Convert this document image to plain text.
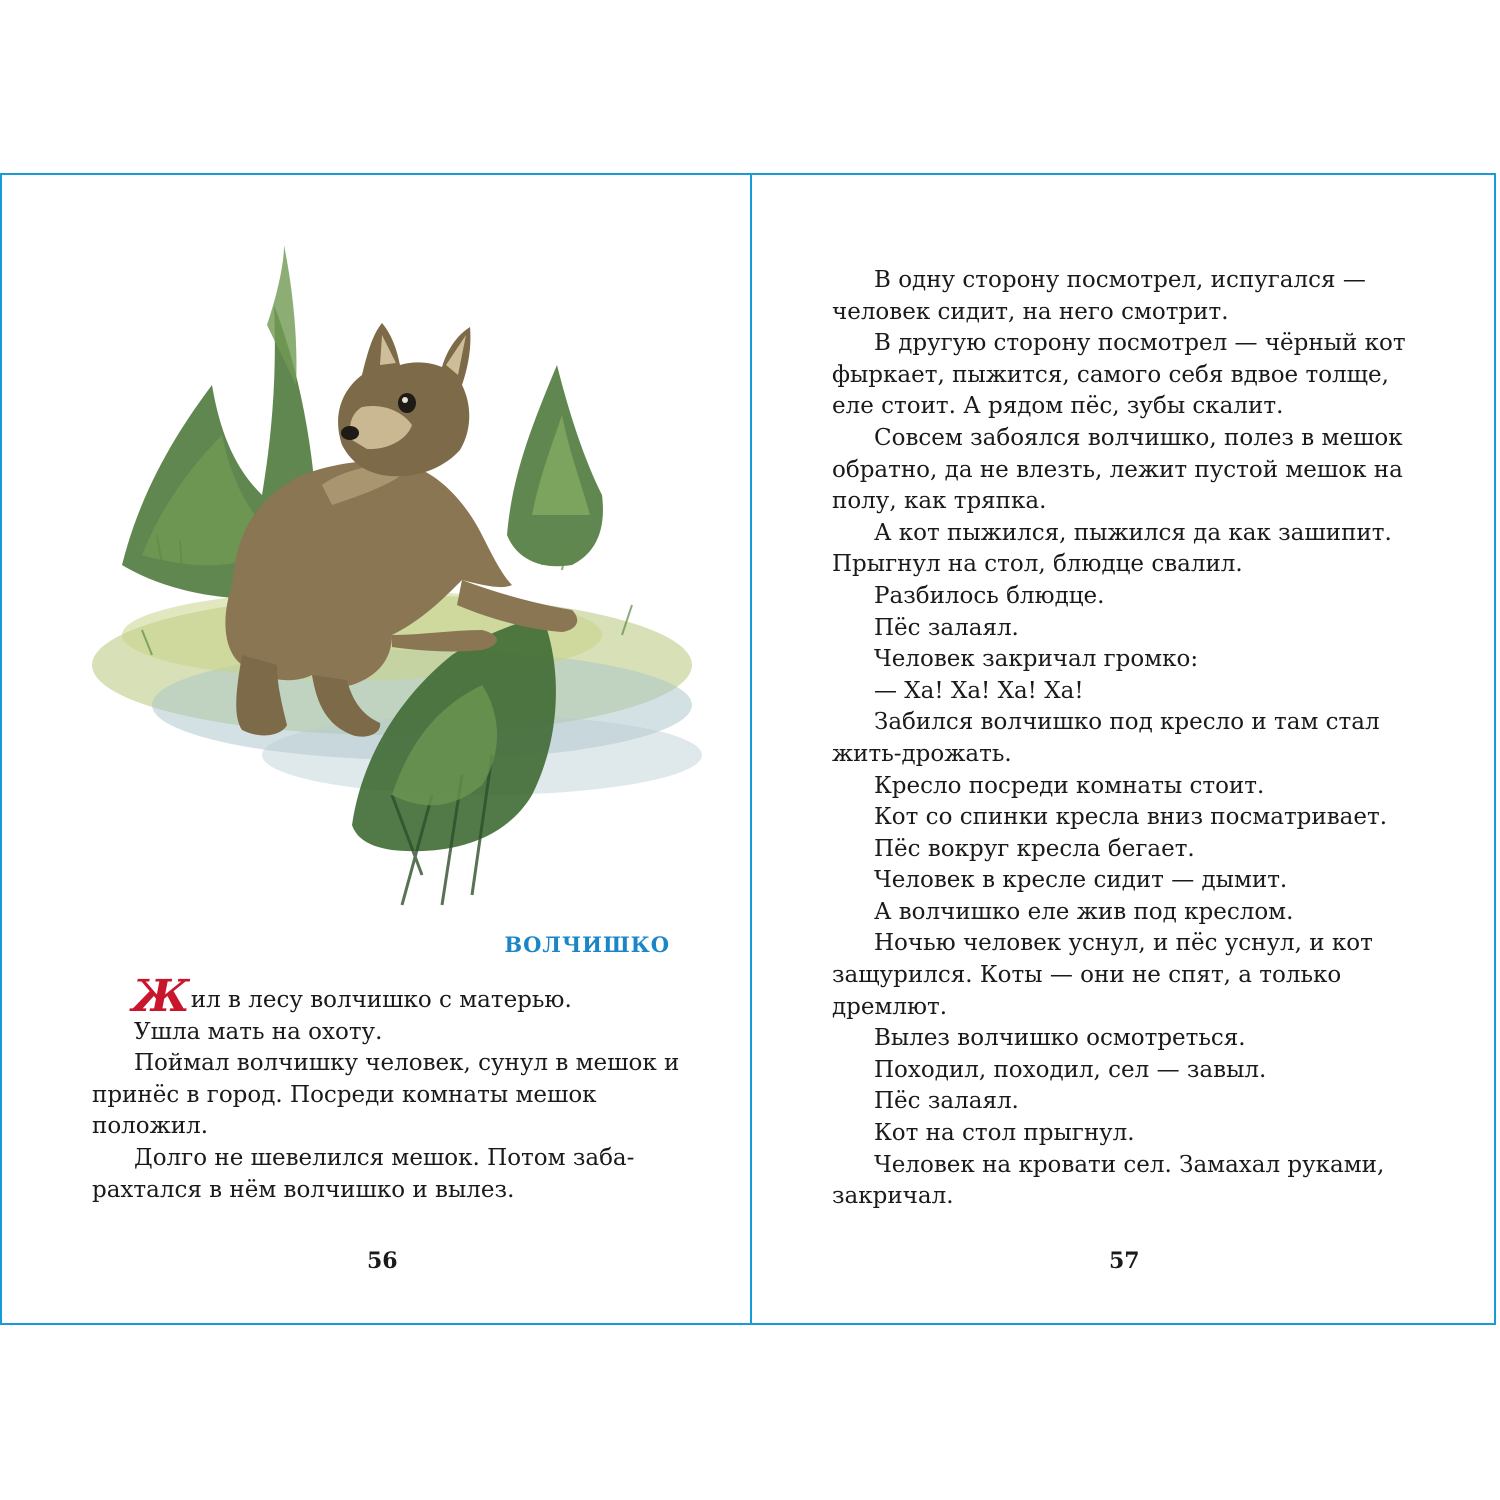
ВОЛЧИШКО

Жил в лесу волчишко с матерью.

Ушла мать на охоту.

Поймал волчишку человек, сунул в мешок и принёс в город. Посреди комнаты мешок положил.

Долго не шевелился мешок. Потом заба-рахтался в нём волчишко и вылез.

56

В одну сторону посмотрел, испугался — человек сидит, на него смотрит.

В другую сторону посмотрел — чёрный кот фыркает, пыжится, самого себя вдвое толще, еле стоит. А рядом пёс, зубы скалит.

Совсем забоялся волчишко, полез в мешок обратно, да не влезть, лежит пустой мешок на полу, как тряпка.

А кот пыжился, пыжился да как зашипит. Прыгнул на стол, блюдце свалил.

Разбилось блюдце.

Пёс залаял.

Человек закричал громко:

— Ха! Ха! Ха! Ха!

Забился волчишко под кресло и там стал жить-дрожать.

Кресло посреди комнаты стоит.

Кот со спинки кресла вниз посматривает.

Пёс вокруг кресла бегает.

Человек в кресле сидит — дымит.

А волчишко еле жив под креслом.

Ночью человек уснул, и пёс уснул, и кот защурился. Коты — они не спят, а только дремлют.

Вылез волчишко осмотреться.

Походил, походил, сел — завыл.

Пёс залаял.

Кот на стол прыгнул.

Человек на кровати сел. Замахал руками, закричал.

57
